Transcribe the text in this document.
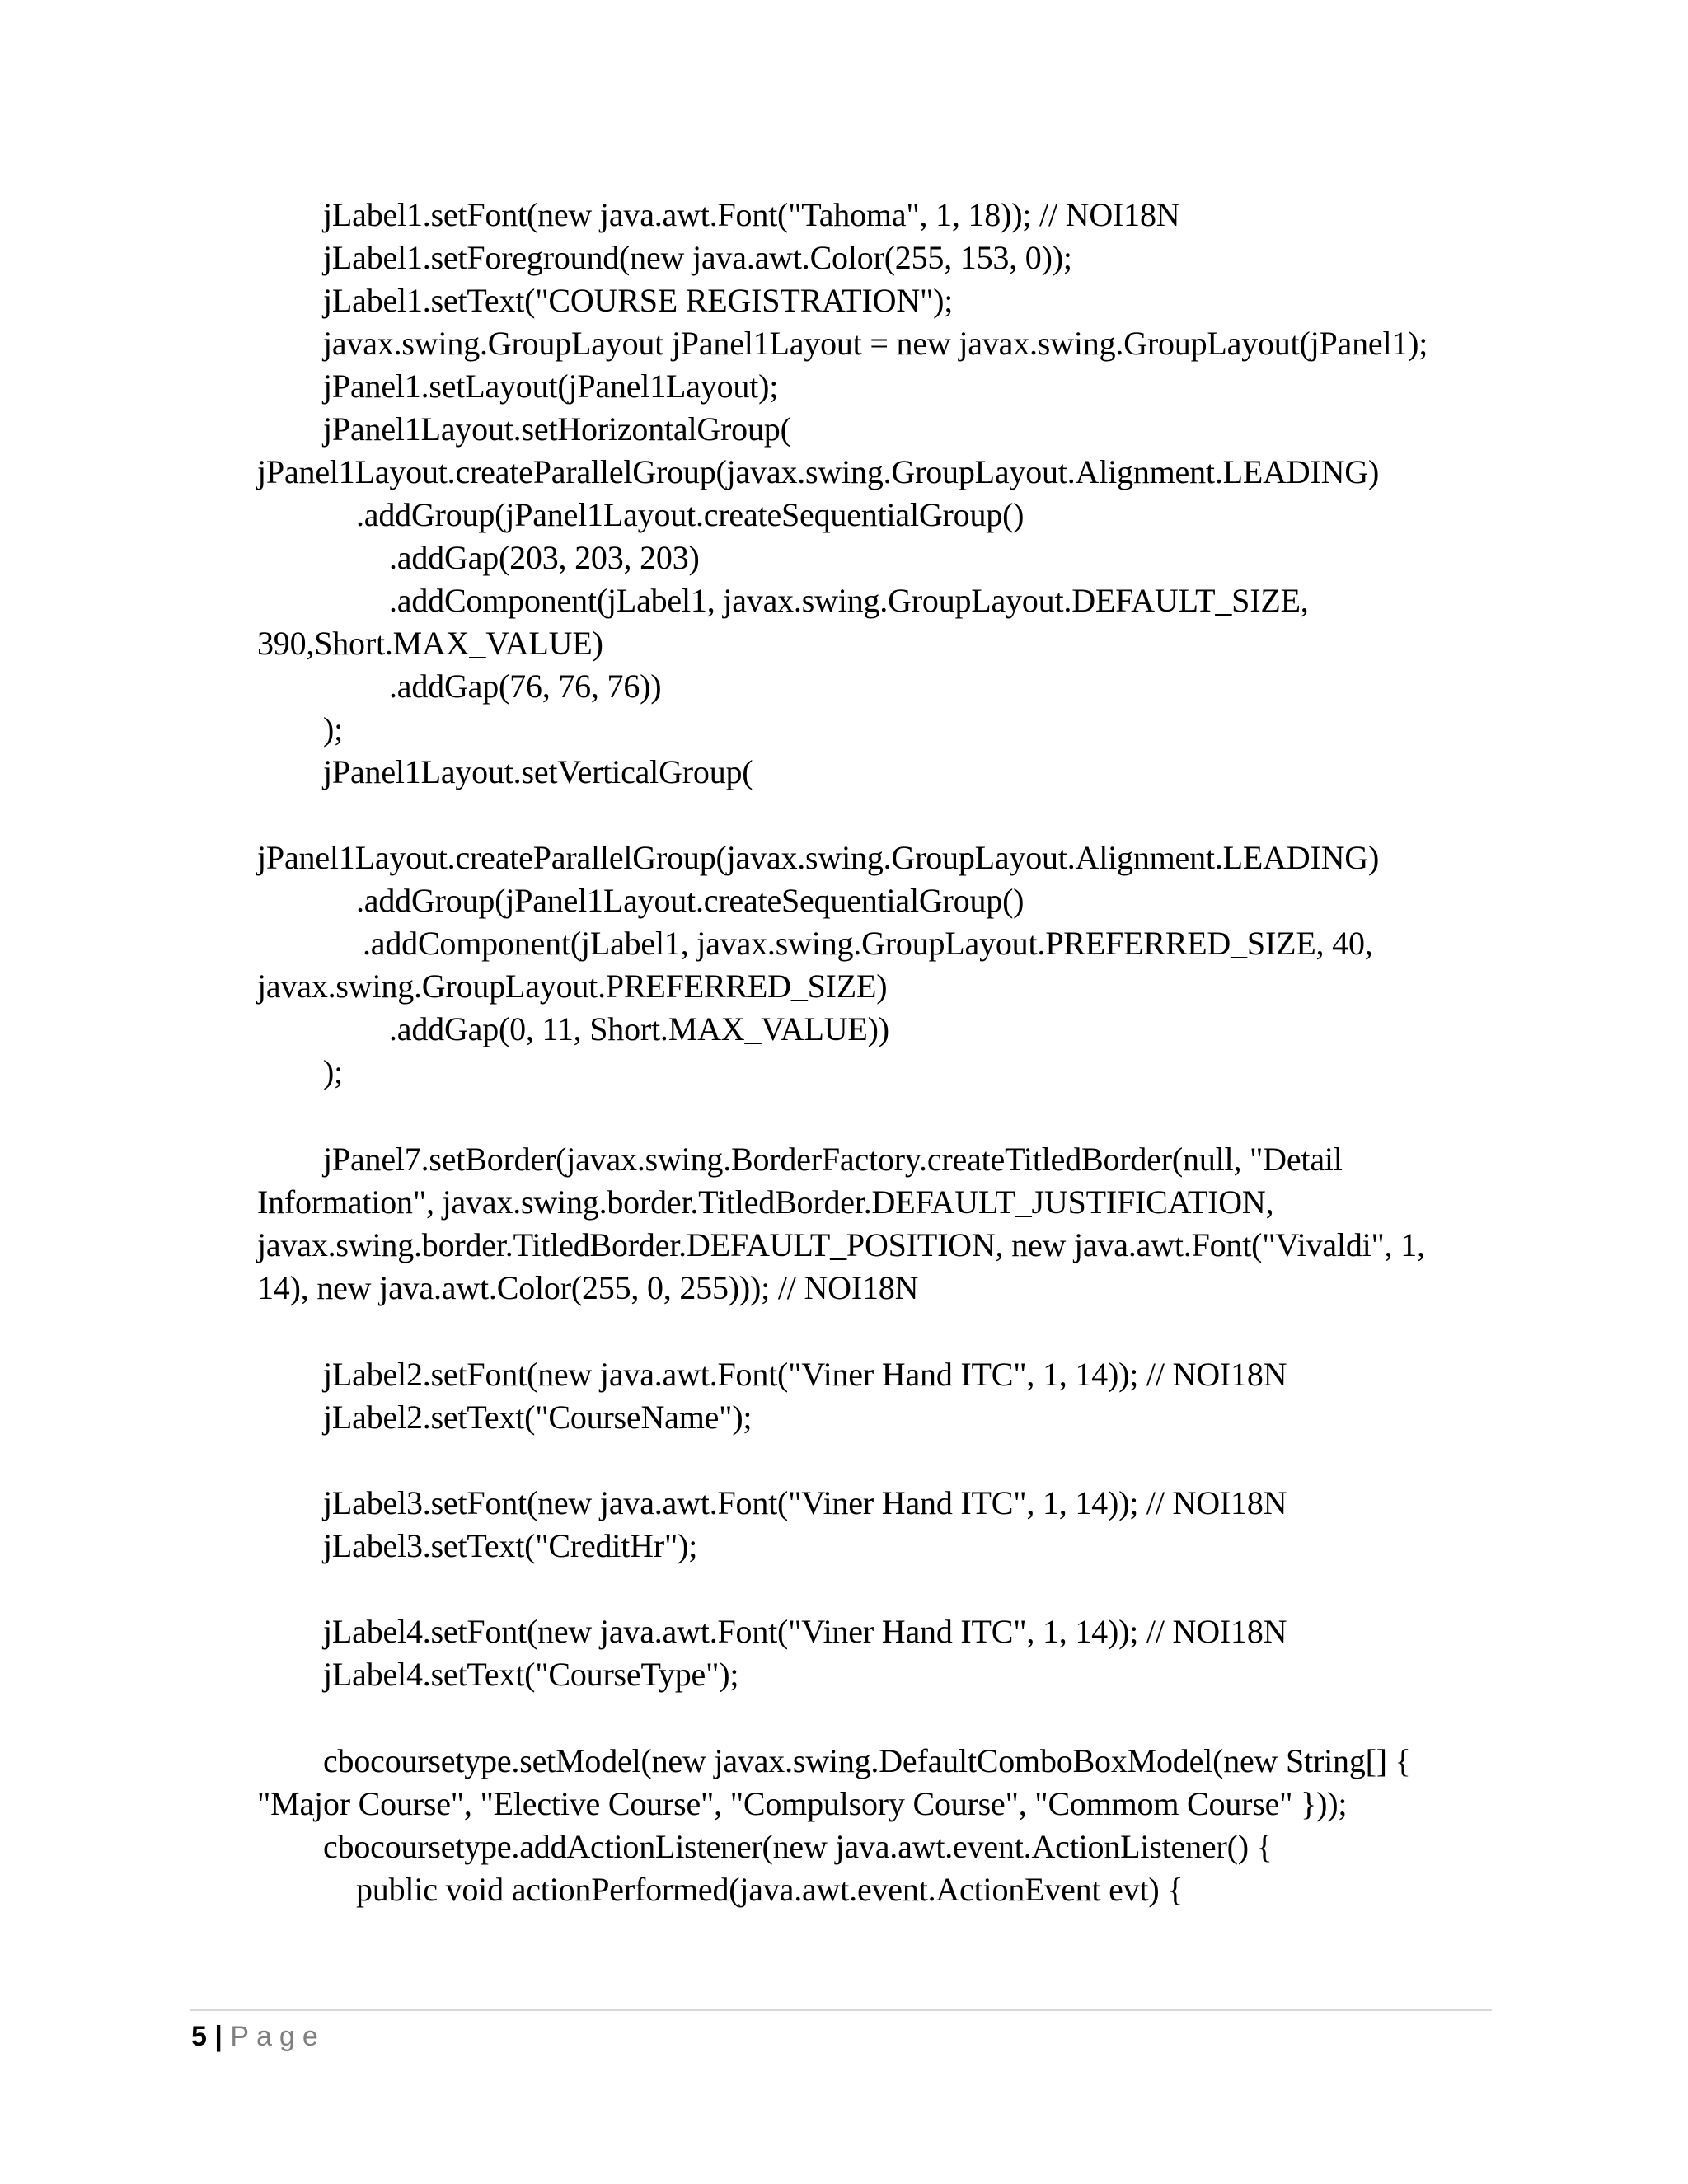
jLabel1.setFont(new java.awt.Font("Tahoma", 1, 18)); // NOI18N
jLabel1.setForeground(new java.awt.Color(255, 153, 0));
jLabel1.setText("COURSE REGISTRATION");
javax.swing.GroupLayout jPanel1Layout = new javax.swing.GroupLayout(jPanel1);
jPanel1.setLayout(jPanel1Layout);
jPanel1Layout.setHorizontalGroup(
jPanel1Layout.createParallelGroup(javax.swing.GroupLayout.Alignment.LEADING)
.addGroup(jPanel1Layout.createSequentialGroup()
.addGap(203, 203, 203)
.addComponent(jLabel1, javax.swing.GroupLayout.DEFAULT_SIZE,
390,Short.MAX_VALUE)
.addGap(76, 76, 76))
);
jPanel1Layout.setVerticalGroup(
jPanel1Layout.createParallelGroup(javax.swing.GroupLayout.Alignment.LEADING)
.addGroup(jPanel1Layout.createSequentialGroup()
.addComponent(jLabel1, javax.swing.GroupLayout.PREFERRED_SIZE, 40,
javax.swing.GroupLayout.PREFERRED_SIZE)
.addGap(0, 11, Short.MAX_VALUE))
);
jPanel7.setBorder(javax.swing.BorderFactory.createTitledBorder(null, "Detail
Information", javax.swing.border.TitledBorder.DEFAULT_JUSTIFICATION,
javax.swing.border.TitledBorder.DEFAULT_POSITION, new java.awt.Font("Vivaldi", 1,
14), new java.awt.Color(255, 0, 255))); // NOI18N
jLabel2.setFont(new java.awt.Font("Viner Hand ITC", 1, 14)); // NOI18N
jLabel2.setText("CourseName");
jLabel3.setFont(new java.awt.Font("Viner Hand ITC", 1, 14)); // NOI18N
jLabel3.setText("CreditHr");
jLabel4.setFont(new java.awt.Font("Viner Hand ITC", 1, 14)); // NOI18N
jLabel4.setText("CourseType");
cbocoursetype.setModel(new javax.swing.DefaultComboBoxModel(new String[] {
"Major Course", "Elective Course", "Compulsory Course", "Commom Course" }));
cbocoursetype.addActionListener(new java.awt.event.ActionListener() {
public void actionPerformed(java.awt.event.ActionEvent evt) {
5 | Page
